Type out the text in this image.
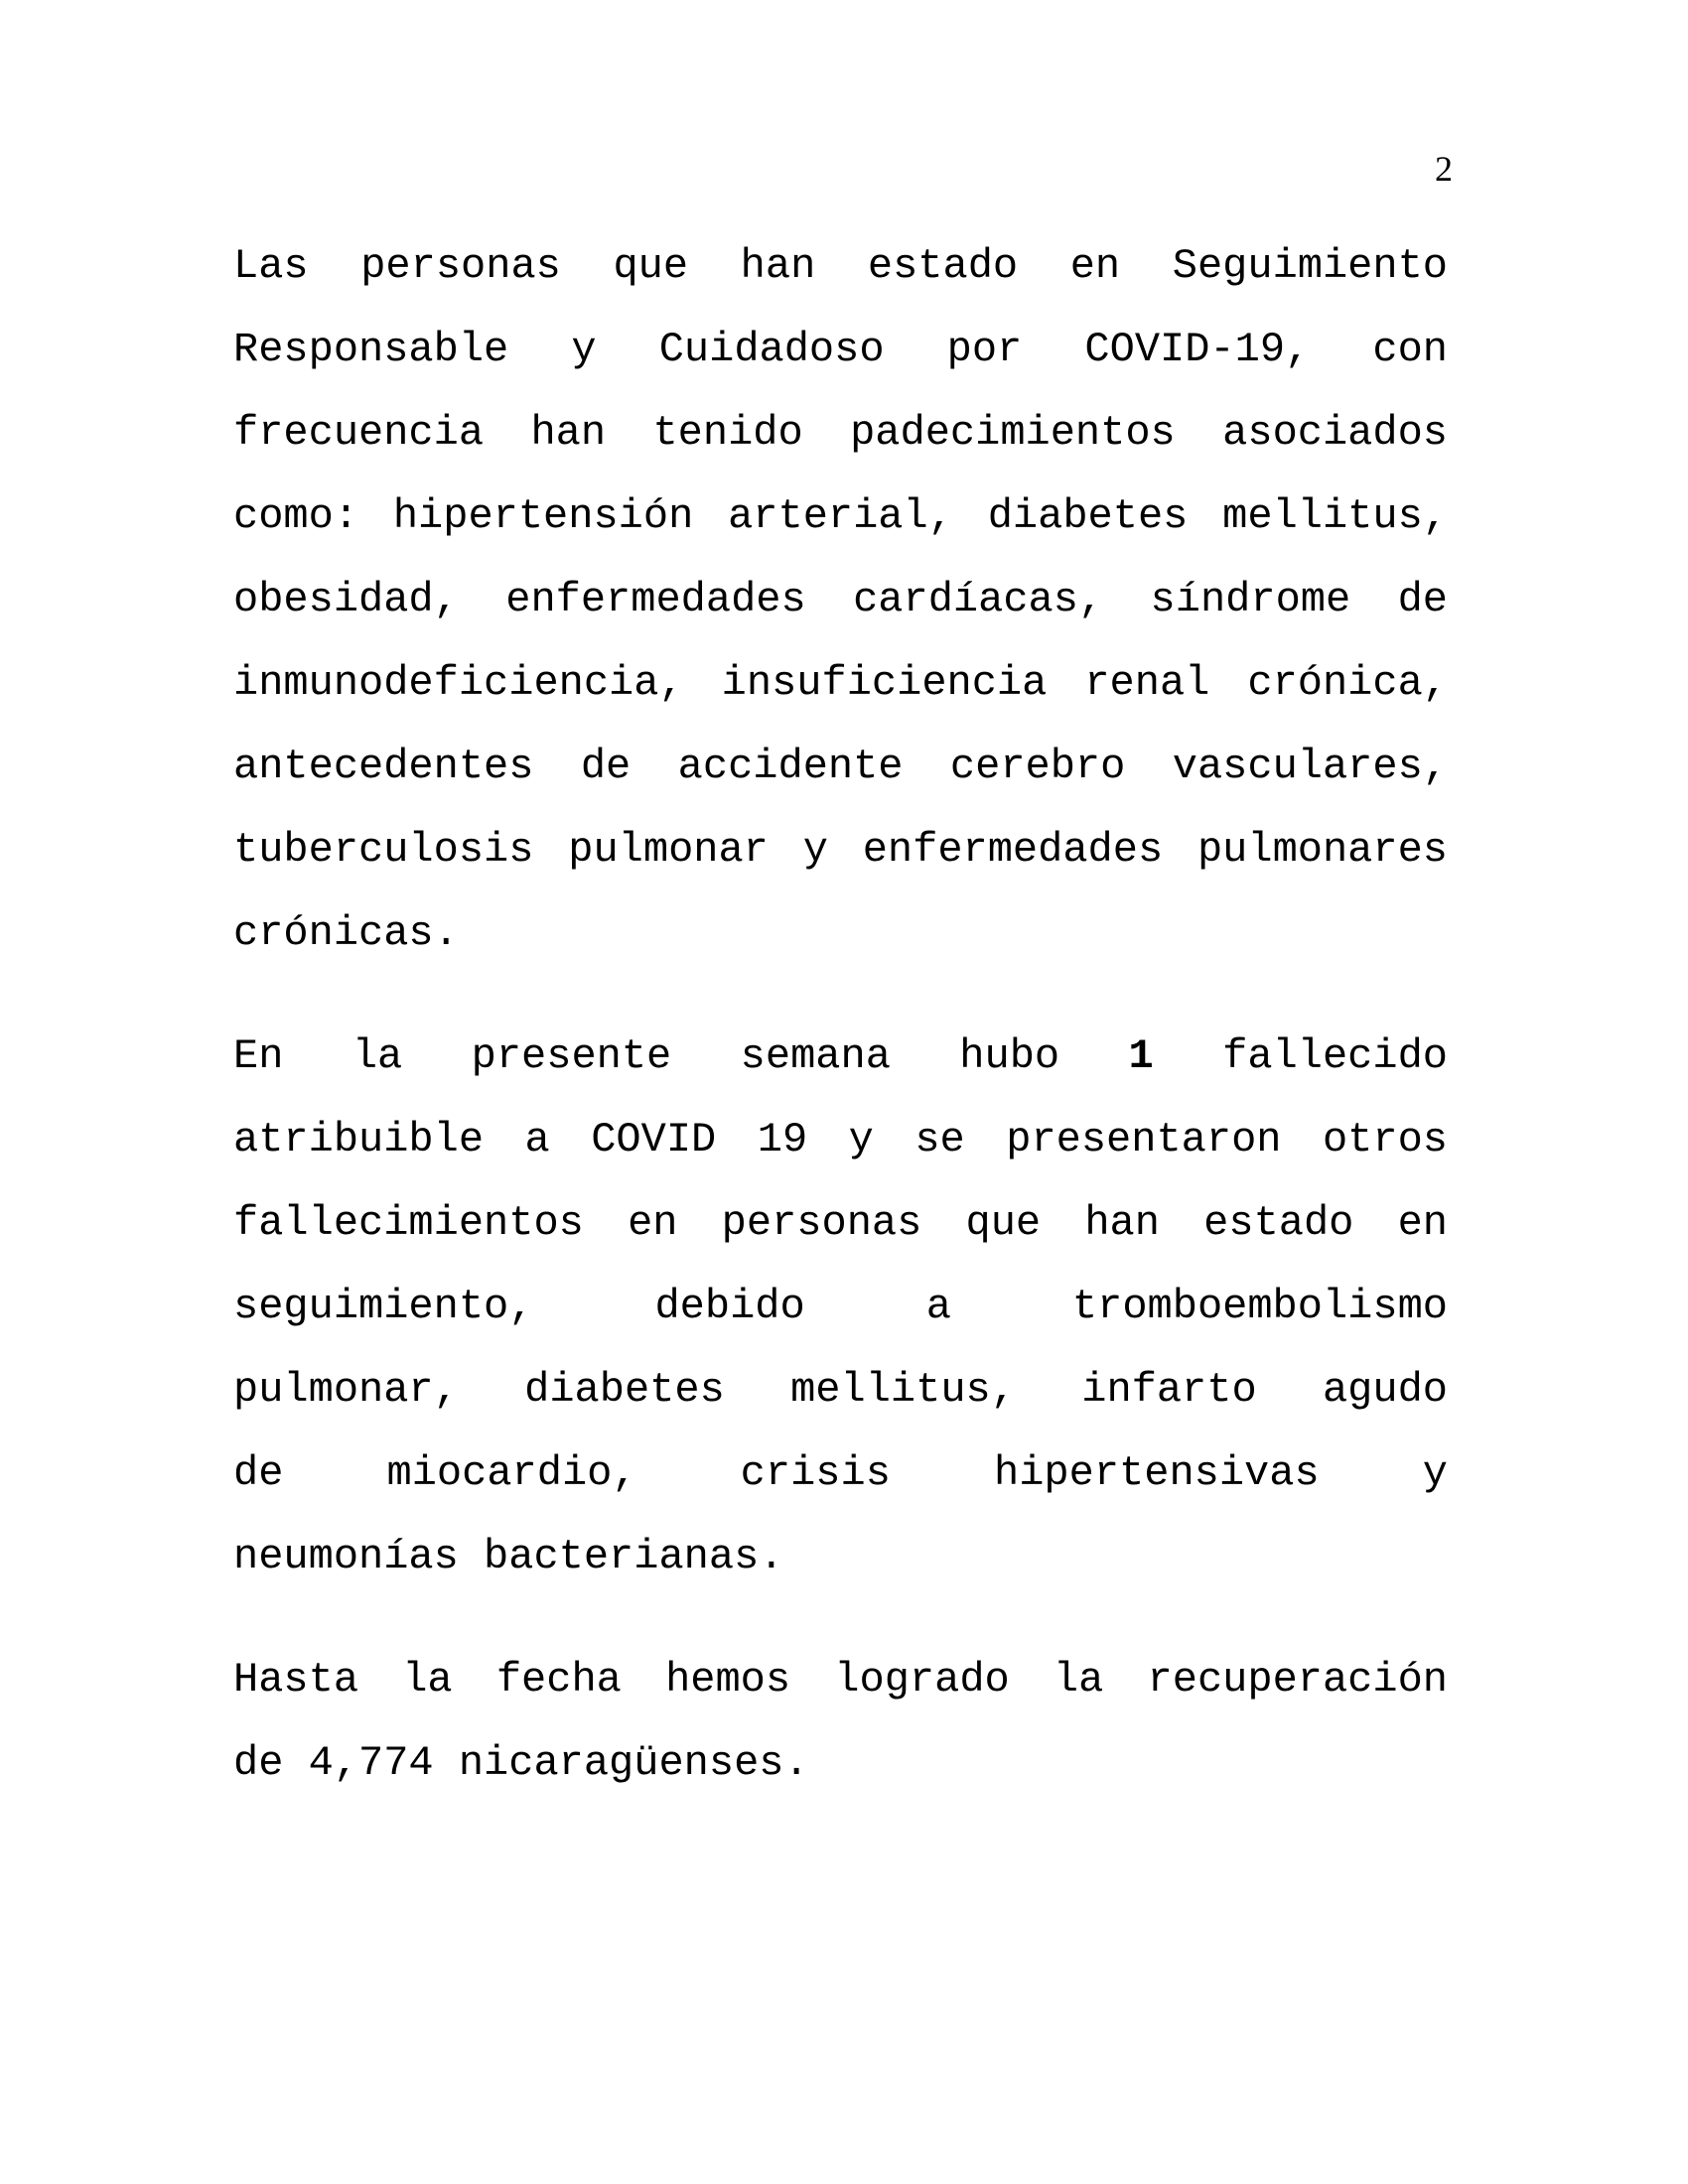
2
Las personas que han estado en Seguimiento
Responsable y Cuidadoso por COVID-19, con
frecuencia han tenido padecimientos asociados
como: hipertensión arterial, diabetes mellitus,
obesidad, enfermedades cardíacas, síndrome de
inmunodeficiencia, insuficiencia renal crónica,
antecedentes de accidente cerebro vasculares,
tuberculosis pulmonar y enfermedades pulmonares
crónicas.
En la presente semana hubo 1 fallecido
atribuible a COVID 19 y se presentaron otros
fallecimientos en personas que han estado en
seguimiento, debido a tromboembolismo
pulmonar, diabetes mellitus, infarto agudo
de miocardio, crisis hipertensivas y
neumonías bacterianas.
Hasta la fecha hemos logrado la recuperación
de 4,774 nicaragüenses.
